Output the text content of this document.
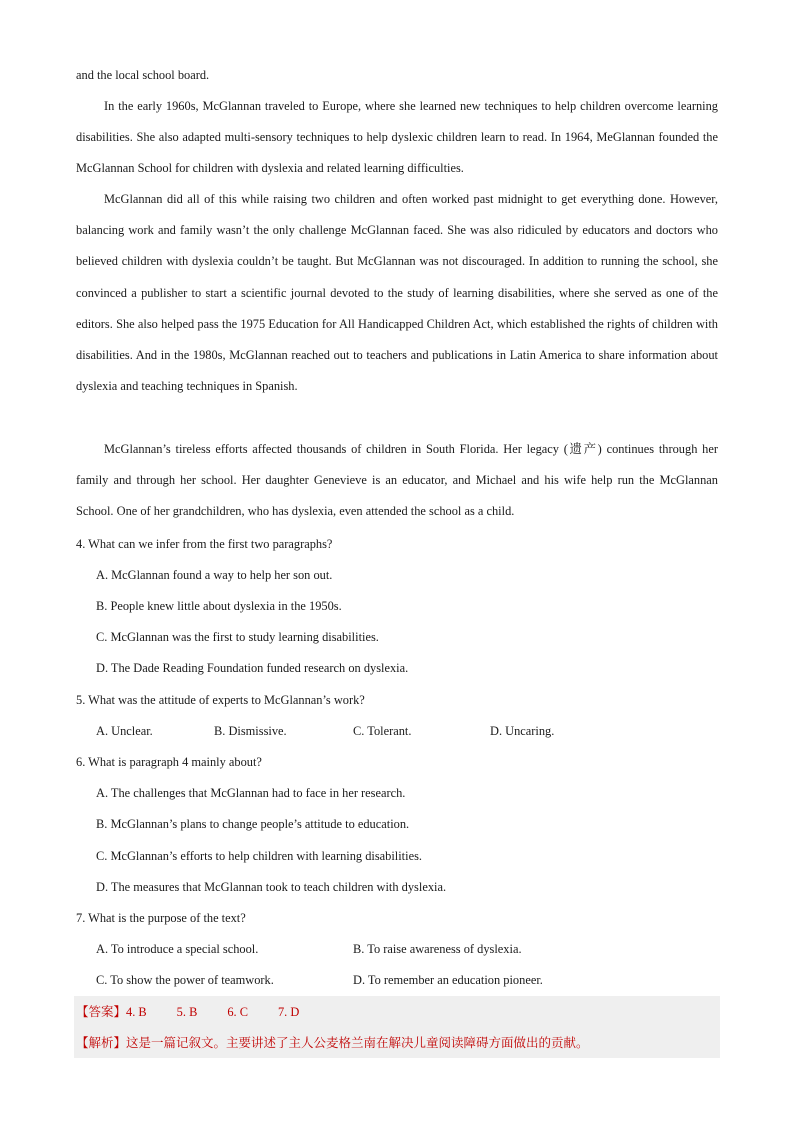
and the local school board.

In the early 1960s, McGlannan traveled to Europe, where she learned new techniques to help children overcome learning disabilities. She also adapted multi-sensory techniques to help dyslexic children learn to read. In 1964, MeGlannan founded the McGlannan School for children with dyslexia and related learning difficulties.

McGlannan did all of this while raising two children and often worked past midnight to get everything done. However, balancing work and family wasn’t the only challenge McGlannan faced. She was also ridiculed by educators and doctors who believed children with dyslexia couldn’t be taught. But McGlannan was not discouraged. In addition to running the school, she convinced a publisher to start a scientific journal devoted to the study of learning disabilities, where she served as one of the editors. She also helped pass the 1975 Education for All Handicapped Children Act, which established the rights of children with disabilities. And in the 1980s, McGlannan reached out to teachers and publications in Latin America to share information about dyslexia and teaching techniques in Spanish.

McGlannan’s tireless efforts affected thousands of children in South Florida. Her legacy (遗产) continues through her family and through her school. Her daughter Genevieve is an educator, and Michael and his wife help run the McGlannan School. One of her grandchildren, who has dyslexia, even attended the school as a child.

4. What can we infer from the first two paragraphs?
A. McGlannan found a way to help her son out.
B. People knew little about dyslexia in the 1950s.
C. McGlannan was the first to study learning disabilities.
D. The Dade Reading Foundation funded research on dyslexia.
5. What was the attitude of experts to McGlannan’s work?
A. Unclear.	B. Dismissive.	C. Tolerant.	D. Uncaring.
6. What is paragraph 4 mainly about?
A. The challenges that McGlannan had to face in her research.
B. McGlannan’s plans to change people’s attitude to education.
C. McGlannan’s efforts to help children with learning disabilities.
D. The measures that McGlannan took to teach children with dyslexia.
7. What is the purpose of the text?
A. To introduce a special school.	B. To raise awareness of dyslexia.
C. To show the power of teamwork.	D. To remember an education pioneer.
【答案】4. B 5. B 6. C 7. D
【解析】这是一篇记叙文。主要讲述了主人公麦格兰南在解决儿童阅读障碍方面做出的贡献。
